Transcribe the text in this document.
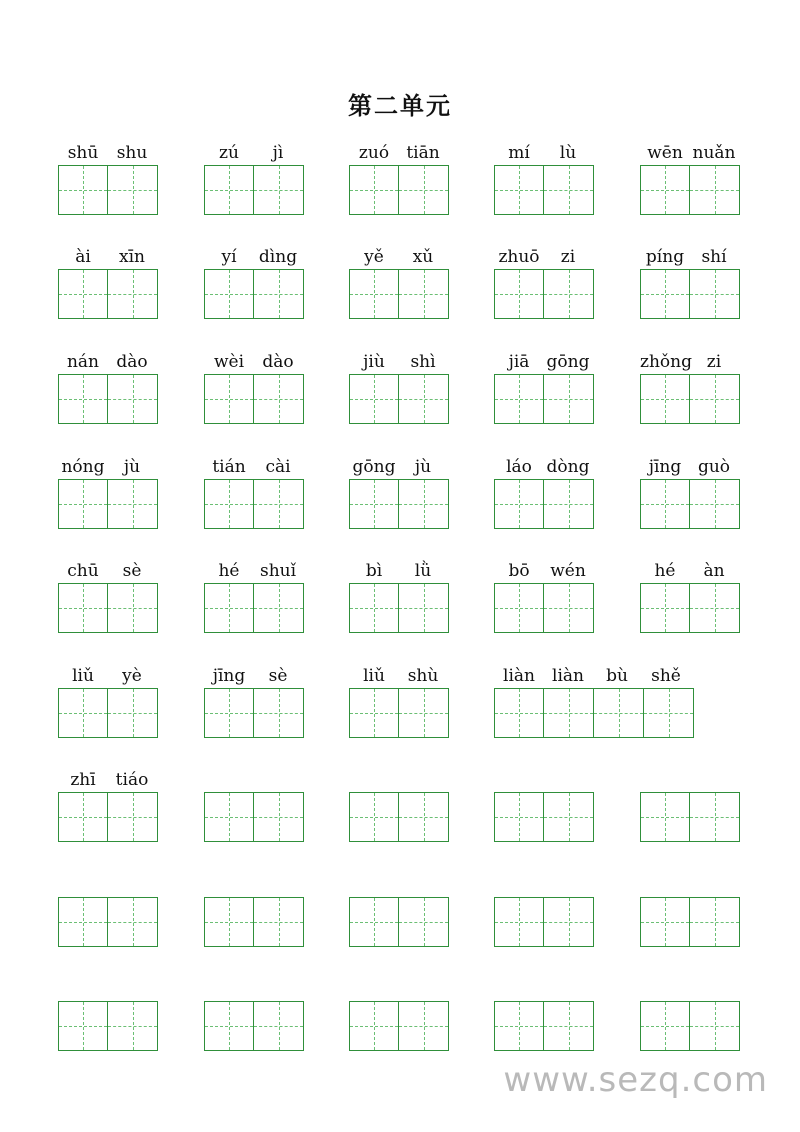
第二单元
shū	shu	zú	jì	zuó	tiān	mí	lù	wēn nuǎn
ài	xīn	yí	dìng	yě	xǔ	zhuō	zi	píng	shí
nán	dào	wèi	dào	jiù	shì	jiā	gōng	zhǒng zi
nóng	jù	tián	cài	gōng	jù	láo dòng	jīng guò
chū	sè	hé	shuǐ	bì	lǜ	bō	wén	hé	àn
liǔ	yè	jīng	sè	liǔ	shù	liàn	liàn	bù	shě
zhī	tiáo
www.sezq.com
